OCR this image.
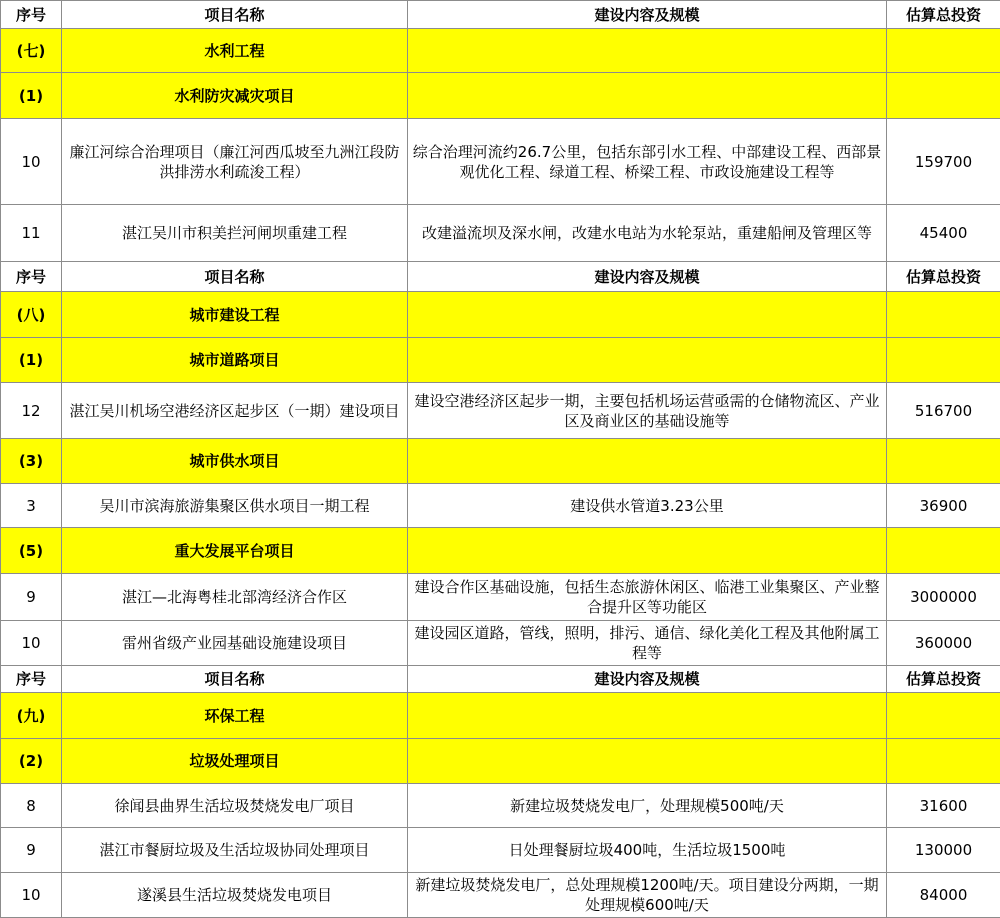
序号	项目名称	建设内容及规模	估算总投资
(七)	水利工程		
(1)	水利防灾减灾项目		
10	廉江河综合治理项目（廉江河西瓜坡至九洲江段防洪排涝水利疏浚工程）	综合治理河流约26.7公里，包括东部引水工程、中部建设工程、西部景观优化工程、绿道工程、桥梁工程、市政设施建设工程等	159700
11	湛江吴川市积美拦河闸坝重建工程	改建溢流坝及深水闸，改建水电站为水轮泵站，重建船闸及管理区等	45400
序号	项目名称	建设内容及规模	估算总投资
(八)	城市建设工程		
(1)	城市道路项目		
12	湛江吴川机场空港经济区起步区（一期）建设项目	建设空港经济区起步一期，主要包括机场运营亟需的仓储物流区、产业区及商业区的基础设施等	516700
(3)	城市供水项目		
3	吴川市滨海旅游集聚区供水项目一期工程	建设供水管道3.23公里	36900
(5)	重大发展平台项目		
9	湛江—北海粤桂北部湾经济合作区	建设合作区基础设施，包括生态旅游休闲区、临港工业集聚区、产业整合提升区等功能区	3000000
10	雷州省级产业园基础设施建设项目	建设园区道路，管线，照明，排污、通信、绿化美化工程及其他附属工程等	360000
序号	项目名称	建设内容及规模	估算总投资
(九)	环保工程		
(2)	垃圾处理项目		
8	徐闻县曲界生活垃圾焚烧发电厂项目	新建垃圾焚烧发电厂，处理规模500吨/天	31600
9	湛江市餐厨垃圾及生活垃圾协同处理项目	日处理餐厨垃圾400吨，生活垃圾1500吨	130000
10	遂溪县生活垃圾焚烧发电项目	新建垃圾焚烧发电厂，总处理规模1200吨/天。项目建设分两期，一期处理规模600吨/天	84000
